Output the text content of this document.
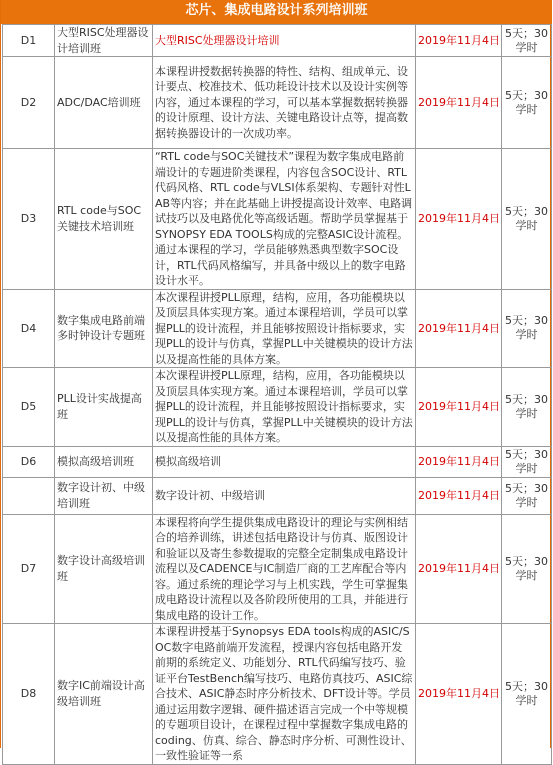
芯片、集成电路设计系列培训班
D1	大型RISC处理器设计培训班	大型RISC处理器设计培训	2019年11月4日	5天；30学时
D2	ADC/DAC培训班	本课程讲授数据转换器的特性、结构、组成单元、设计要点、校准技术、低功耗设计技术以及设计实例等内容，通过本课程的学习，可以基本掌握数据转换器的设计原理、设计方法、关键电路设计点等，提高数据转换器设计的一次成功率。	2019年11月4日	5天；30学时
D3	RTL code与SOC关键技术培训班	“RTL code与SOC关键技术”课程为数字集成电路前端设计的专题进阶类课程，内容包含SOC设计、RTL代码风格、RTL code与VLSI体系架构、专题针对性LAB等内容；并在此基础上讲授提高设计效率、电路调试技巧以及电路优化等高级话题。帮助学员掌握基于SYNOPSY EDA TOOLS构成的完整ASIC设计流程。通过本课程的学习，学员能够熟悉典型数字SOC设计，RTL代码风格编写，并具备中级以上的数字电路设计水平。	2019年11月4日	5天；30学时
D4	数字集成电路前端多时钟设计专题班	本次课程讲授PLL原理，结构，应用，各功能模块以及顶层具体实现方案。通过本课程培训，学员可以掌握PLL的设计流程，并且能够按照设计指标要求，实现PLL的设计与仿真，掌握PLL中关键模块的设计方法以及提高性能的具体方案。	2019年11月4日	5天；30学时
D5	PLL设计实战提高班	本次课程讲授PLL原理，结构，应用，各功能模块以及顶层具体实现方案。通过本课程培训，学员可以掌握PLL的设计流程，并且能够按照设计指标要求，实现PLL的设计与仿真，掌握PLL中关键模块的设计方法以及提高性能的具体方案。	2019年11月4日	5天；30学时
D6	模拟高级培训班	模拟高级培训	2019年11月4日	5天；30学时
	数字设计初、中级培训班	数字设计初、中级培训	2019年11月4日	5天；30学时
D7	数字设计高级培训班	本课程将向学生提供集成电路设计的理论与实例相结合的培养训练，讲述包括电路设计与仿真、版图设计和验证以及寄生参数提取的完整全定制集成电路设计流程以及CADENCE与IC制造厂商的工艺库配合等内容。通过系统的理论学习与上机实践，学生可掌握集成电路设计流程以及各阶段所使用的工具，并能进行集成电路的设计工作。	2019年11月4日	5天；30学时
D8	数字IC前端设计高级培训班	本课程讲授基于Synopsys EDA tools构成的ASIC/SOC数字电路前端开发流程，授课内容包括电路开发前期的系统定义、功能划分、RTL代码编写技巧、验证平台TestBench编写技巧、电路仿真技巧、ASIC综合技术、ASIC静态时序分析技术、DFT设计等。学员通过运用数字逻辑、硬件描述语言完成一个中等规模的专题项目设计，在课程过程中掌握数字集成电路的coding、仿真、综合、静态时序分析、可测性设计、一致性验证等一系	2019年11月4日	5天；30学时
